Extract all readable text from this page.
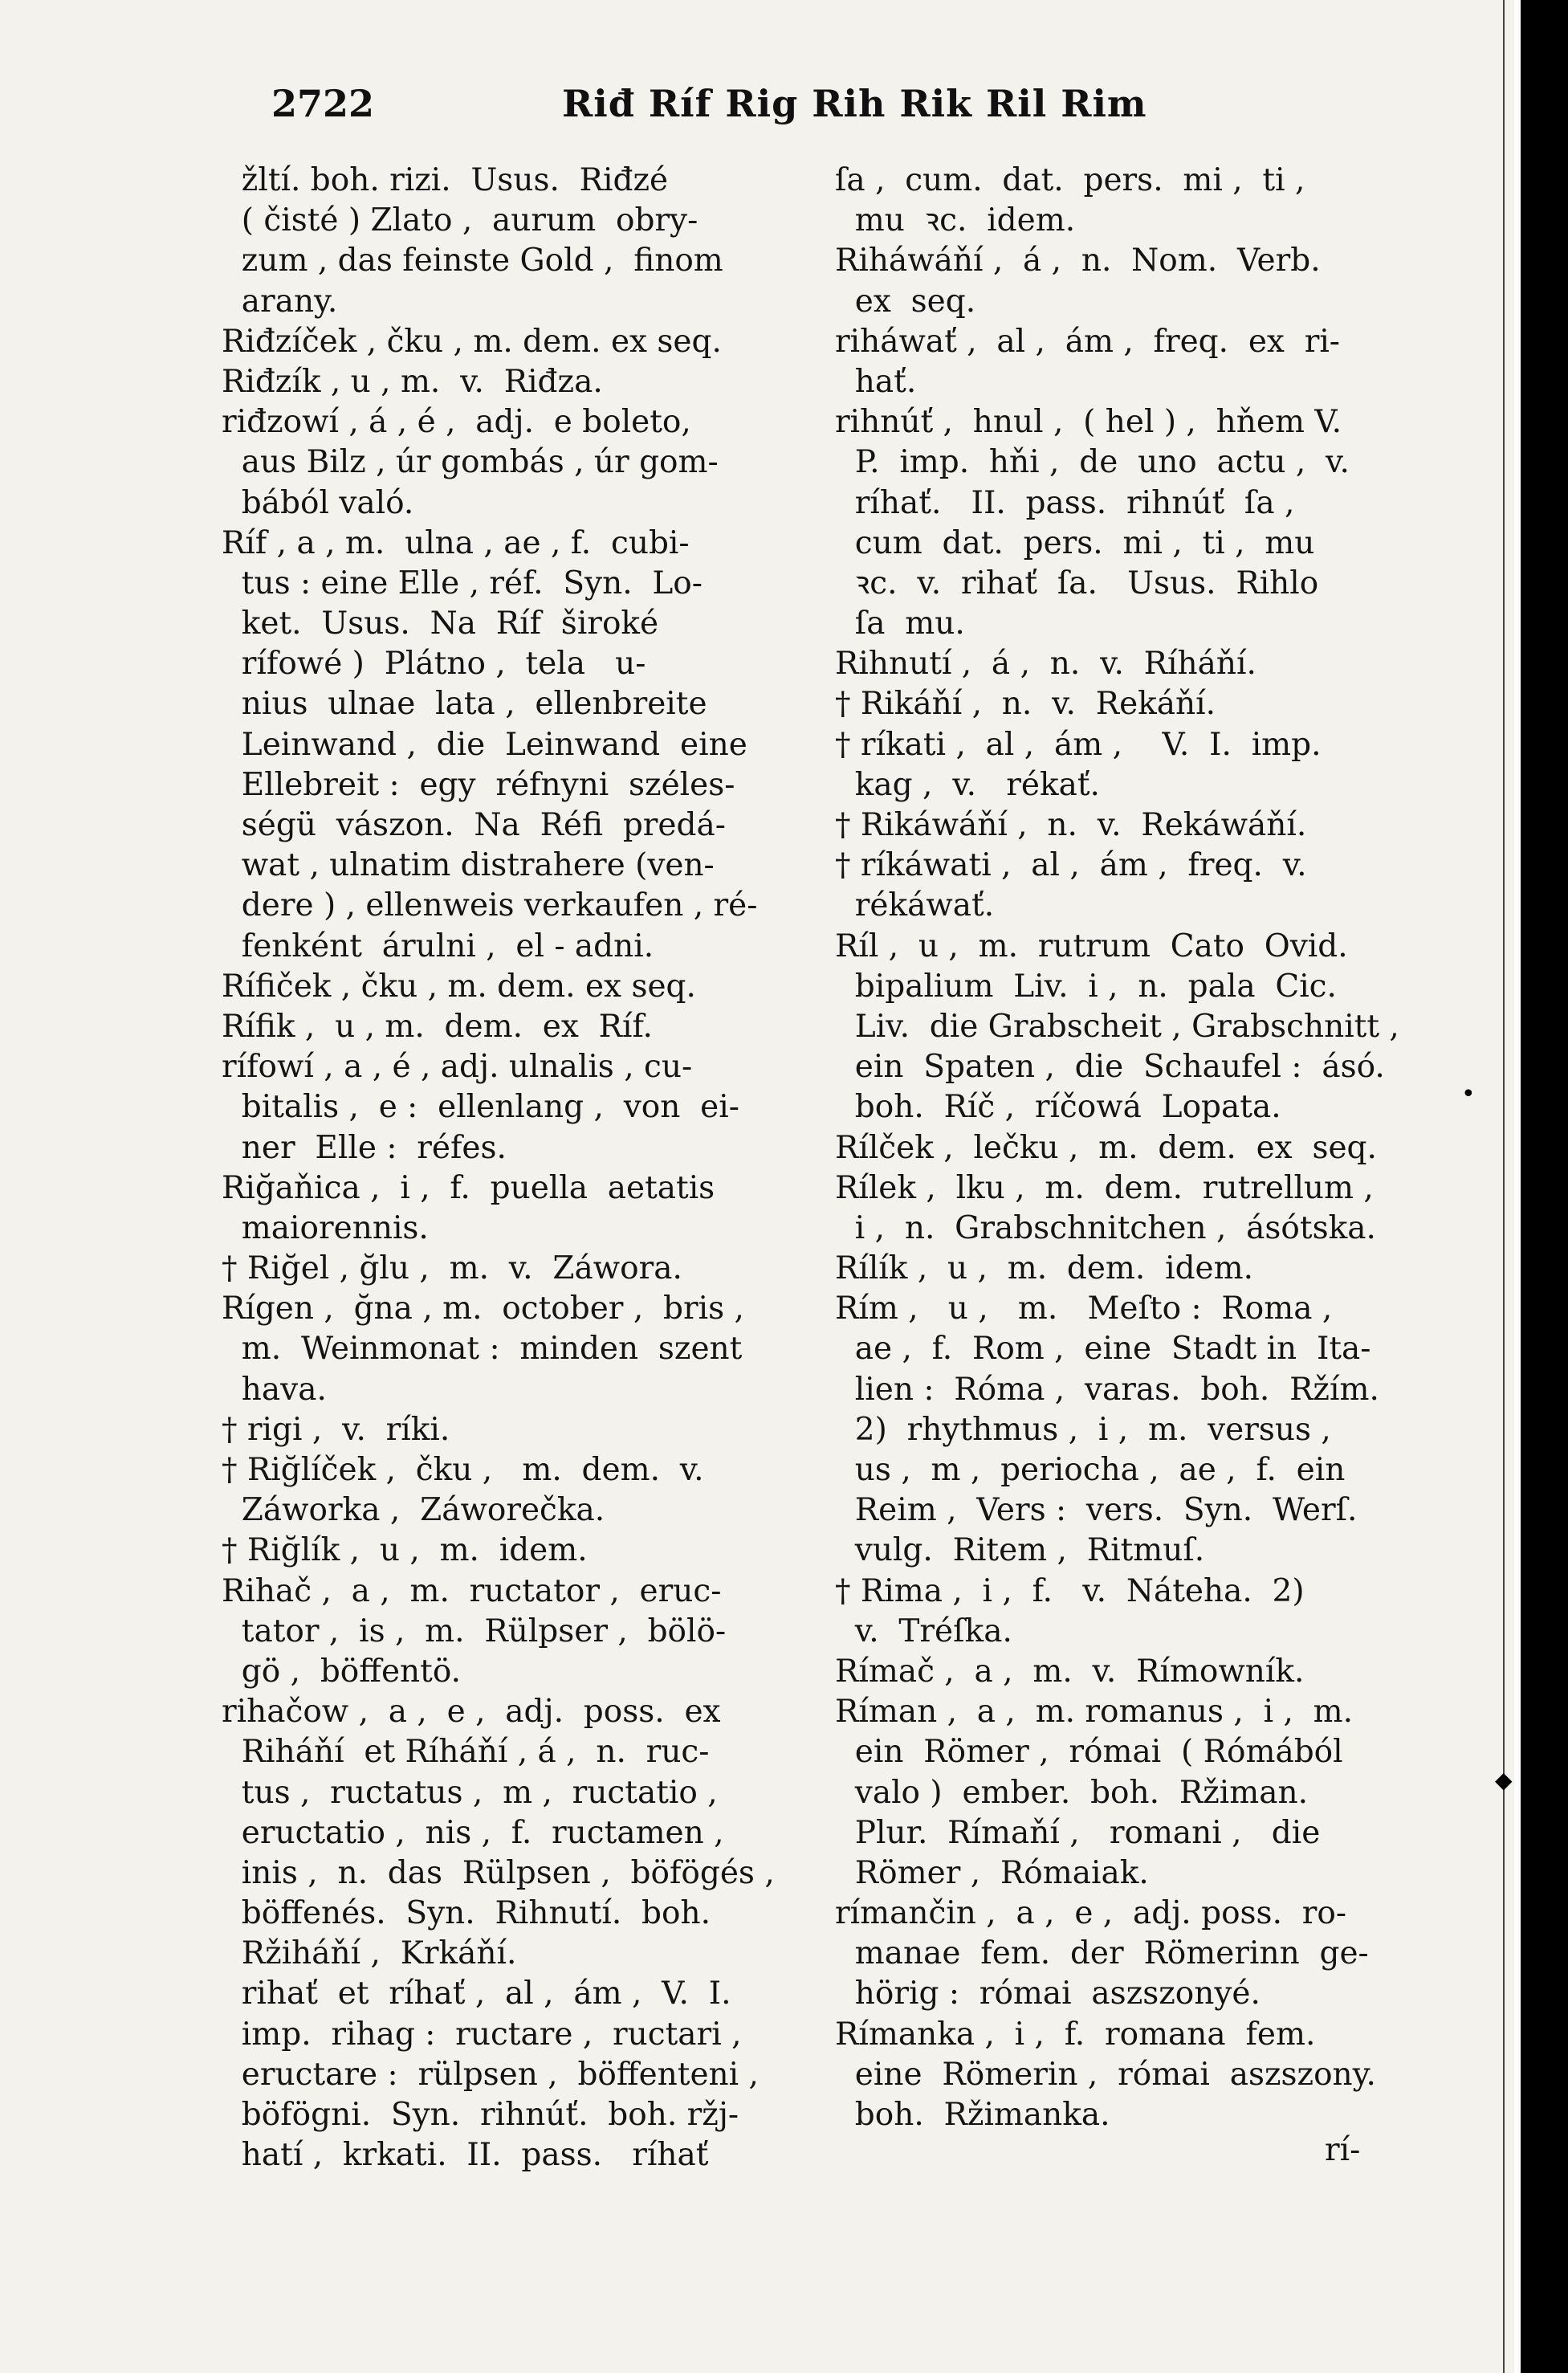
2722	Riđ Ríf Rig Rih Rik Ril Rim
žltí. boh. rizi.  Usus.  Riđzé
( čisté ) Zlato ,  aurum  obry-
zum , das feinste Gold ,  finom
arany.
Riđzíček , čku , m. dem. ex seq.
Riđzík , u , m.  v.  Riđza.
riđzowí , á , é ,  adj.  e boleto,
aus Bilz , úr gombás , úr gom-
bából való.
Ríf , a , m.  ulna , ae , f.  cubi-
tus : eine Elle , réf.  Syn.  Lo-
ket.  Usus.  Na  Ríf  široké
rífowé )  Plátno ,  tela   u-
nius  ulnae  lata ,  ellenbreite
Leinwand ,  die  Leinwand  eine
Ellebreit :  egy  réfnyni  széles-
ségü  vászon.  Na  Réfi  predá-
wat , ulnatim distrahere (ven-
dere ) , ellenweis verkaufen , ré-
fenként  árulni ,  el - adni.
Ríﬁček , čku , m. dem. ex seq.
Rífik ,  u , m.  dem.  ex  Ríf.
rífowí , a , é , adj. ulnalis , cu-
bitalis ,  e :  ellenlang ,  von  ei-
ner  Elle :  réfes.
Riğaňica ,  i ,  f.  puella  aetatis
maiorennis.
† Riğel , ğlu ,  m.  v.  Záwora.
Rígen ,  ğna , m.  october ,  bris ,
m.  Weinmonat :  minden  szent
hava.
† rigi ,  v.  ríki.
† Riğlíček ,  čku ,   m.  dem.  v.
Záworka ,  Záworečka.
† Riğlík ,  u ,  m.  idem.
Rihač ,  a ,  m.  ructator ,  eruc-
tator ,  is ,  m.  Rülpser ,  bölö-
gö ,  böffentö.
rihačow ,  a ,  e ,  adj.  poss.  ex
Riháňí  et Ríháňí , á ,  n.  ruc-
tus ,  ructatus ,  m ,  ructatio ,
eructatio ,  nis ,  f.  ructamen ,
inis ,  n.  das  Rülpsen ,  böfögés ,
böffenés.  Syn.  Rihnutí.  boh.
Ržiháňí ,  Krkáňí.
rihať  et  ríhať ,  al ,  ám ,  V.  I.
imp.  rihag :  ructare ,  ructari ,
eructare :  rülpsen ,  böffenteni ,
böfögni.  Syn.  rihnúť.  boh. ržj-
hatí ,  krkati.  II.  pass.   ríhať
ſa ,  cum.  dat.  pers.  mi ,  ti ,
mu  ꝛc.  idem.
Riháwáňí ,  á ,  n.  Nom.  Verb.
ex  seq.
riháwať ,  al ,  ám ,  freq.  ex  ri-
hať.
rihnúť ,  hnul ,  ( hel ) ,  hňem V.
P.  imp.  hňi ,  de  uno  actu ,  v.
ríhať.   II.  pass.  rihnúť  ſa ,
cum  dat.  pers.  mi ,  ti ,  mu
ꝛc.  v.  rihať  ſa.   Usus.  Rihlo
ſa  mu.
Rihnutí ,  á ,  n.  v.  Ríháňí.
† Rikáňí ,  n.  v.  Rekáňí.
† ríkati ,  al ,  ám ,    V.  I.  imp.
kag ,  v.   rékať.
† Rikáwáňí ,  n.  v.  Rekáwáňí.
† ríkáwati ,  al ,  ám ,  freq.  v.
rékáwať.
Ríl ,  u ,  m.  rutrum  Cato  Ovid.
bipalium  Liv.  i ,  n.  pala  Cic.
Liv.  die Grabscheit , Grabschnitt ,
ein  Spaten ,  die  Schaufel :  ásó.
boh.  Ríč ,  ríčowá  Lopata.
Rílček ,  lečku ,  m.  dem.  ex  seq.
Rílek ,  lku ,  m.  dem.  rutrellum ,
i ,  n.  Grabschnitchen ,  ásótska.
Rílík ,  u ,  m.  dem.  idem.
Rím ,   u ,   m.   Meſto :  Roma ,
ae ,  f.  Rom ,  eine  Stadt in  Ita-
lien :  Róma ,  varas.  boh.  Ržím.
2)  rhythmus ,  i ,  m.  versus ,
us ,  m ,  periocha ,  ae ,  f.  ein
Reim ,  Vers :  vers.  Syn.  Werſ.
vulg.  Ritem ,  Ritmuſ.
† Rima ,  i ,  f.   v.  Náteha.  2)
v.  Tréſka.
Rímač ,  a ,  m.  v.  Rímowník.
Ríman ,  a ,  m. romanus ,  i ,  m.
ein  Römer ,  római  ( Rómából
valo )  ember.  boh.  Ržiman.
Plur.  Rímaňí ,   romani ,   die
Römer ,  Rómaiak.
rímančin ,  a ,  e ,  adj. poss.  ro-
manae  fem.  der  Römerinn  ge-
hörig :  római  aszszonyé.
Rímanka ,  i ,  f.  romana  fem.
eine  Römerin ,  római  aszszony.
boh.  Ržimanka.
rí-
•
◆
